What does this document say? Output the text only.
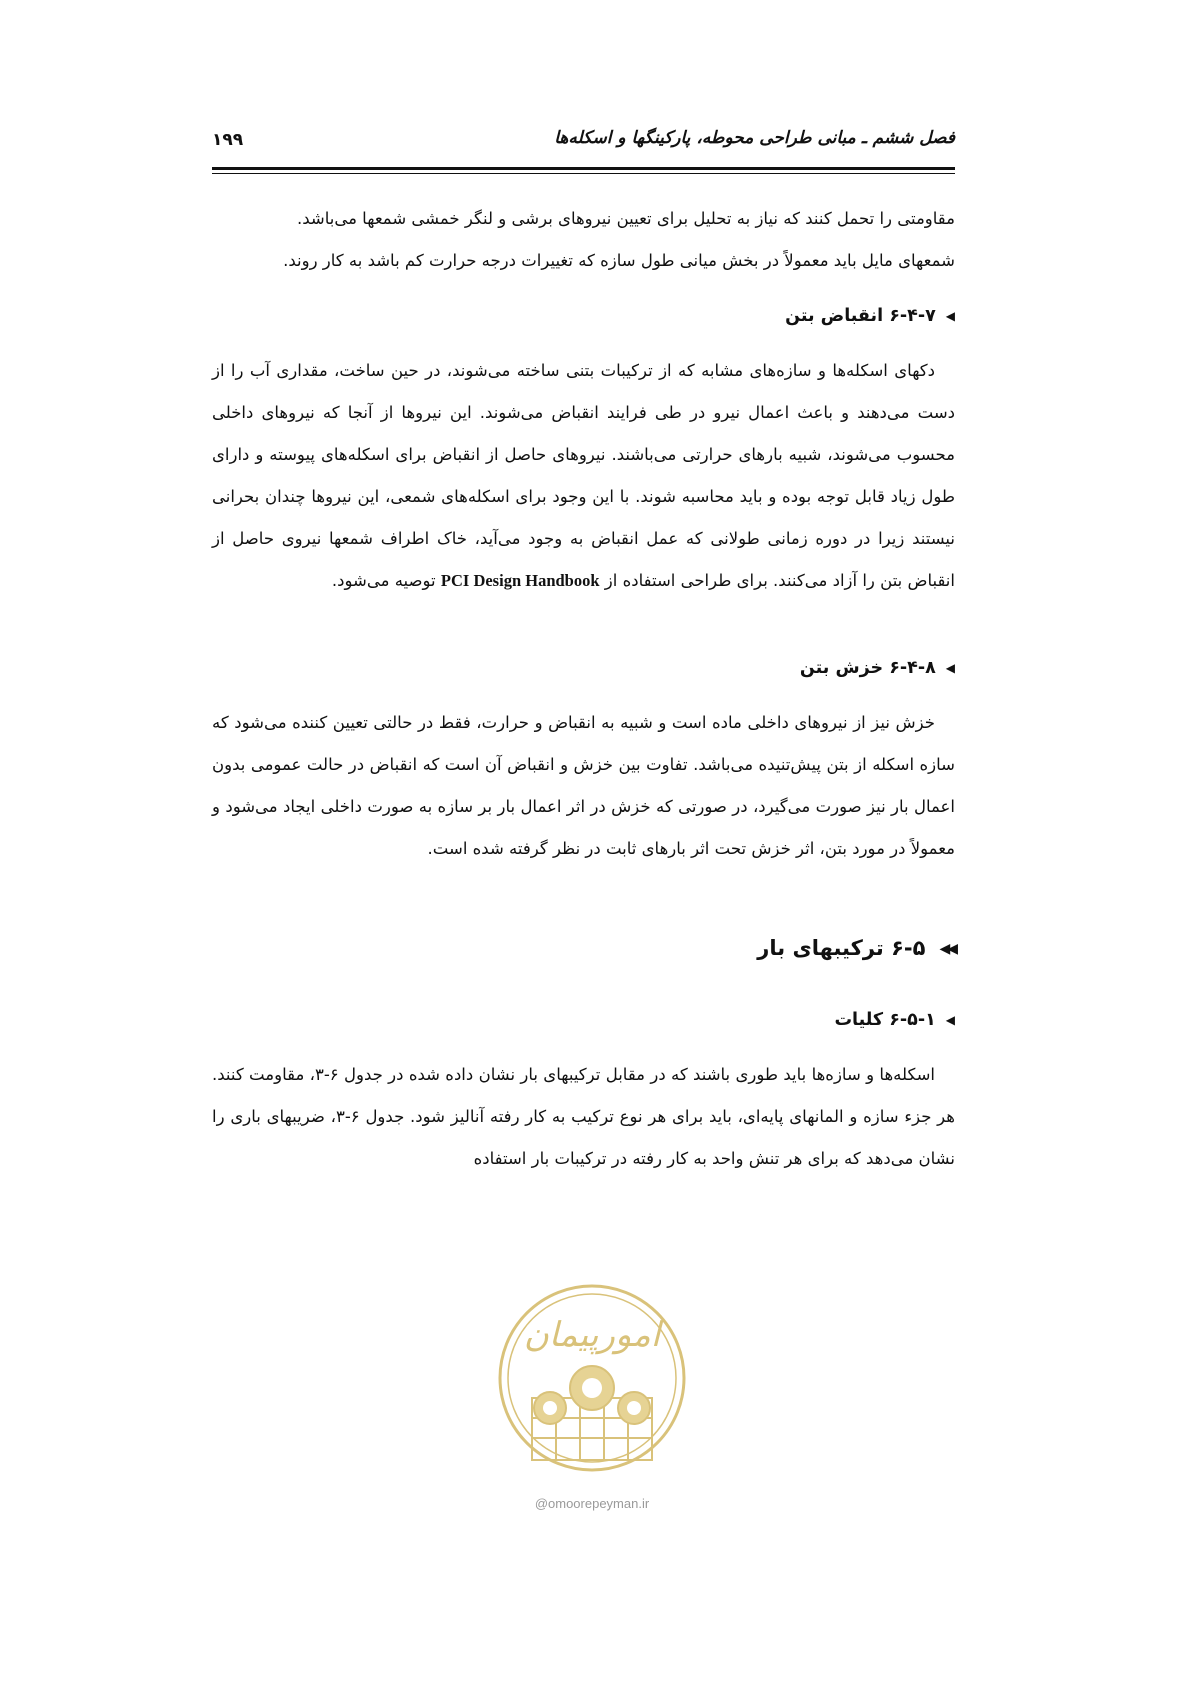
فصل ششم ـ مبانی طراحی محوطه، پارکینگها و اسکله‌ها
۱۹۹

مقاومتی را تحمل کنند که نیاز به تحلیل برای تعیین نیروهای برشی و لنگر خمشی شمعها می‌باشد.

شمعهای مایل باید معمولاً در بخش میانی طول سازه که تغییرات درجه حرارت کم باشد به کار روند.

◀۶-۴-۷ انقباض بتن

دکهای اسکله‌ها و سازه‌های مشابه که از ترکیبات بتنی ساخته می‌شوند، در حین ساخت، مقداری آب را از دست می‌دهند و باعث اعمال نیرو در طی فرایند انقباض می‌شوند. این نیروها از آنجا که نیروهای داخلی محسوب می‌شوند، شبیه بارهای حرارتی می‌باشند. نیروهای حاصل از انقباض برای اسکله‌های پیوسته و دارای طول زیاد قابل توجه بوده و باید محاسبه شوند. با این وجود برای اسکله‌های شمعی، این نیروها چندان بحرانی نیستند زیرا در دوره زمانی طولانی که عمل انقباض به وجود می‌آید، خاک اطراف شمعها نیروی حاصل از انقباض بتن را آزاد می‌کنند. برای طراحی استفاده از PCI Design Handbook توصیه می‌شود.

◀۶-۴-۸ خزش بتن

خزش نیز از نیروهای داخلی ماده است و شبیه به انقباض و حرارت، فقط در حالتی تعیین کننده می‌شود که سازه اسکله از بتن پیش‌تنیده می‌باشد. تفاوت بین خزش و انقباض آن است که انقباض در حالت عمومی بدون اعمال بار نیز صورت می‌گیرد، در صورتی که خزش در اثر اعمال بار بر سازه به صورت داخلی ایجاد می‌شود و معمولاً در مورد بتن، اثر خزش تحت اثر بارهای ثابت در نظر گرفته شده است.

◀◀۶-۵ ترکیبهای بار
◀۶-۵-۱ کلیات

اسکله‌ها و سازه‌ها باید طوری باشند که در مقابل ترکیبهای بار نشان داده شده در جدول ۶-۳، مقاومت کنند. هر جزء سازه و المانهای پایه‌ای، باید برای هر نوع ترکیب به کار رفته آنالیز شود. جدول ۶-۳، ضریبهای باری را نشان می‌دهد که برای هر تنش واحد به کار رفته در ترکیبات بار استفاده

امورپیمان
@omoorepeyman.ir
